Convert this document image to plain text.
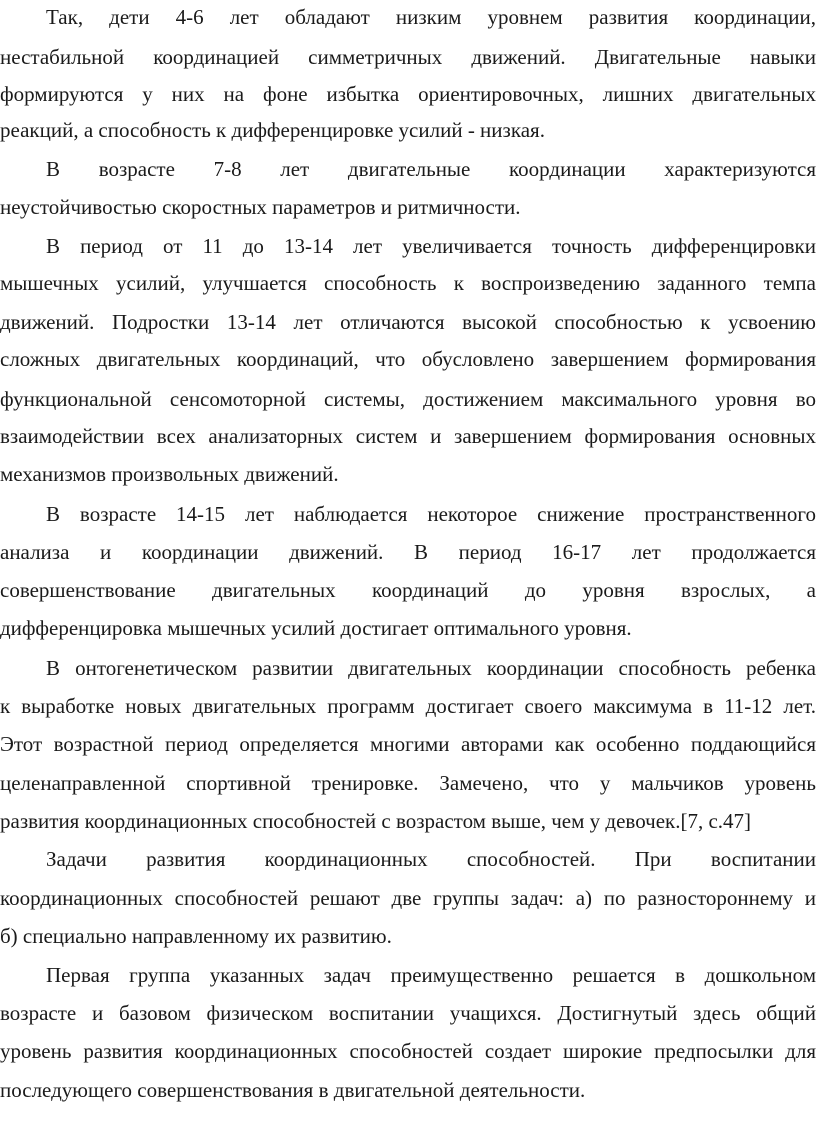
Так, дети 4-6 лет обладают низким уровнем развития координации,
нестабильной координацией симметричных движений. Двигательные навыки
формируются у них на фоне избытка ориентировочных, лишних двигательных
реакций, а способность к дифференцировке усилий - низкая.
В возрасте 7-8 лет двигательные координации характеризуются
неустойчивостью скоростных параметров и ритмичности.
В период от 11 до 13-14 лет увеличивается точность дифференцировки
мышечных усилий, улучшается способность к воспроизведению заданного темпа
движений. Подростки 13-14 лет отличаются высокой способностью к усвоению
сложных двигательных координаций, что обусловлено завершением формирования
функциональной сенсомоторной системы, достижением максимального уровня во
взаимодействии всех анализаторных систем и завершением формирования основных
механизмов произвольных движений.
В возрасте 14-15 лет наблюдается некоторое снижение пространственного
анализа и координации движений. В период 16-17 лет продолжается
совершенствование двигательных координаций до уровня взрослых, а
дифференцировка мышечных усилий достигает оптимального уровня.
В онтогенетическом развитии двигательных координации способность ребенка
к выработке новых двигательных программ достигает своего максимума в 11-12 лет.
Этот возрастной период определяется многими авторами как особенно поддающийся
целенаправленной спортивной тренировке. Замечено, что у мальчиков уровень
развития координационных способностей с возрастом выше, чем у девочек.[7, с.47]
Задачи развития координационных способностей. При воспитании
координационных способностей решают две группы задач: а) по разностороннему и
б) специально направленному их развитию.
Первая группа указанных задач преимущественно решается в дошкольном
возрасте и базовом физическом воспитании учащихся. Достигнутый здесь общий
уровень развития координационных способностей создает широкие предпосылки для
последующего совершенствования в двигательной деятельности.
